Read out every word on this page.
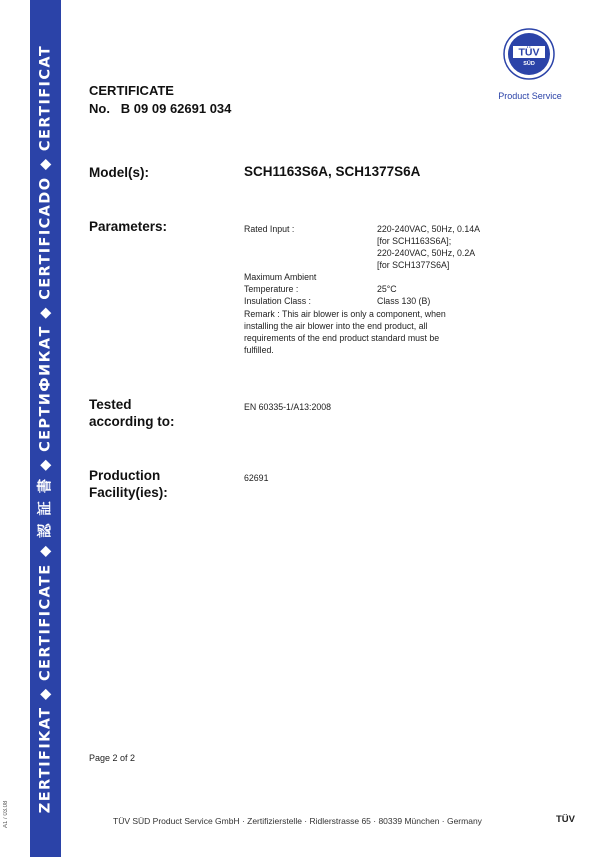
ZERTIFIKAT ◆ CERTIFICATE ◆ 認 証 書 ◆ СЕРТИФИКАТ ◆ CERTIFICADO ◆ CERTIFICAT
A1 / 03.08
TÜV
SÜD
Product Service
CERTIFICATE
No. B 09 09 62691 034
Model(s):	SCH1163S6A, SCH1377S6A
Parameters:	Rated Input :	220-240VAC, 50Hz, 0.14A
[for SCH1163S6A];
220-240VAC, 50Hz, 0.2A
[for SCH1377S6A]
Maximum Ambient
Temperature :	25°C
Insulation Class :	Class 130 (B)
Remark : This air blower is only a component, when
installing the air blower into the end product, all
requirements of the end product standard must be
fulfilled.
Tested
according to:
EN 60335-1/A13:2008
Production
Facility(ies):
62691
Page 2 of 2
TÜV SÜD Product Service GmbH · Zertifizierstelle · Ridlerstrasse 65 · 80339 München · Germany	TÜV
